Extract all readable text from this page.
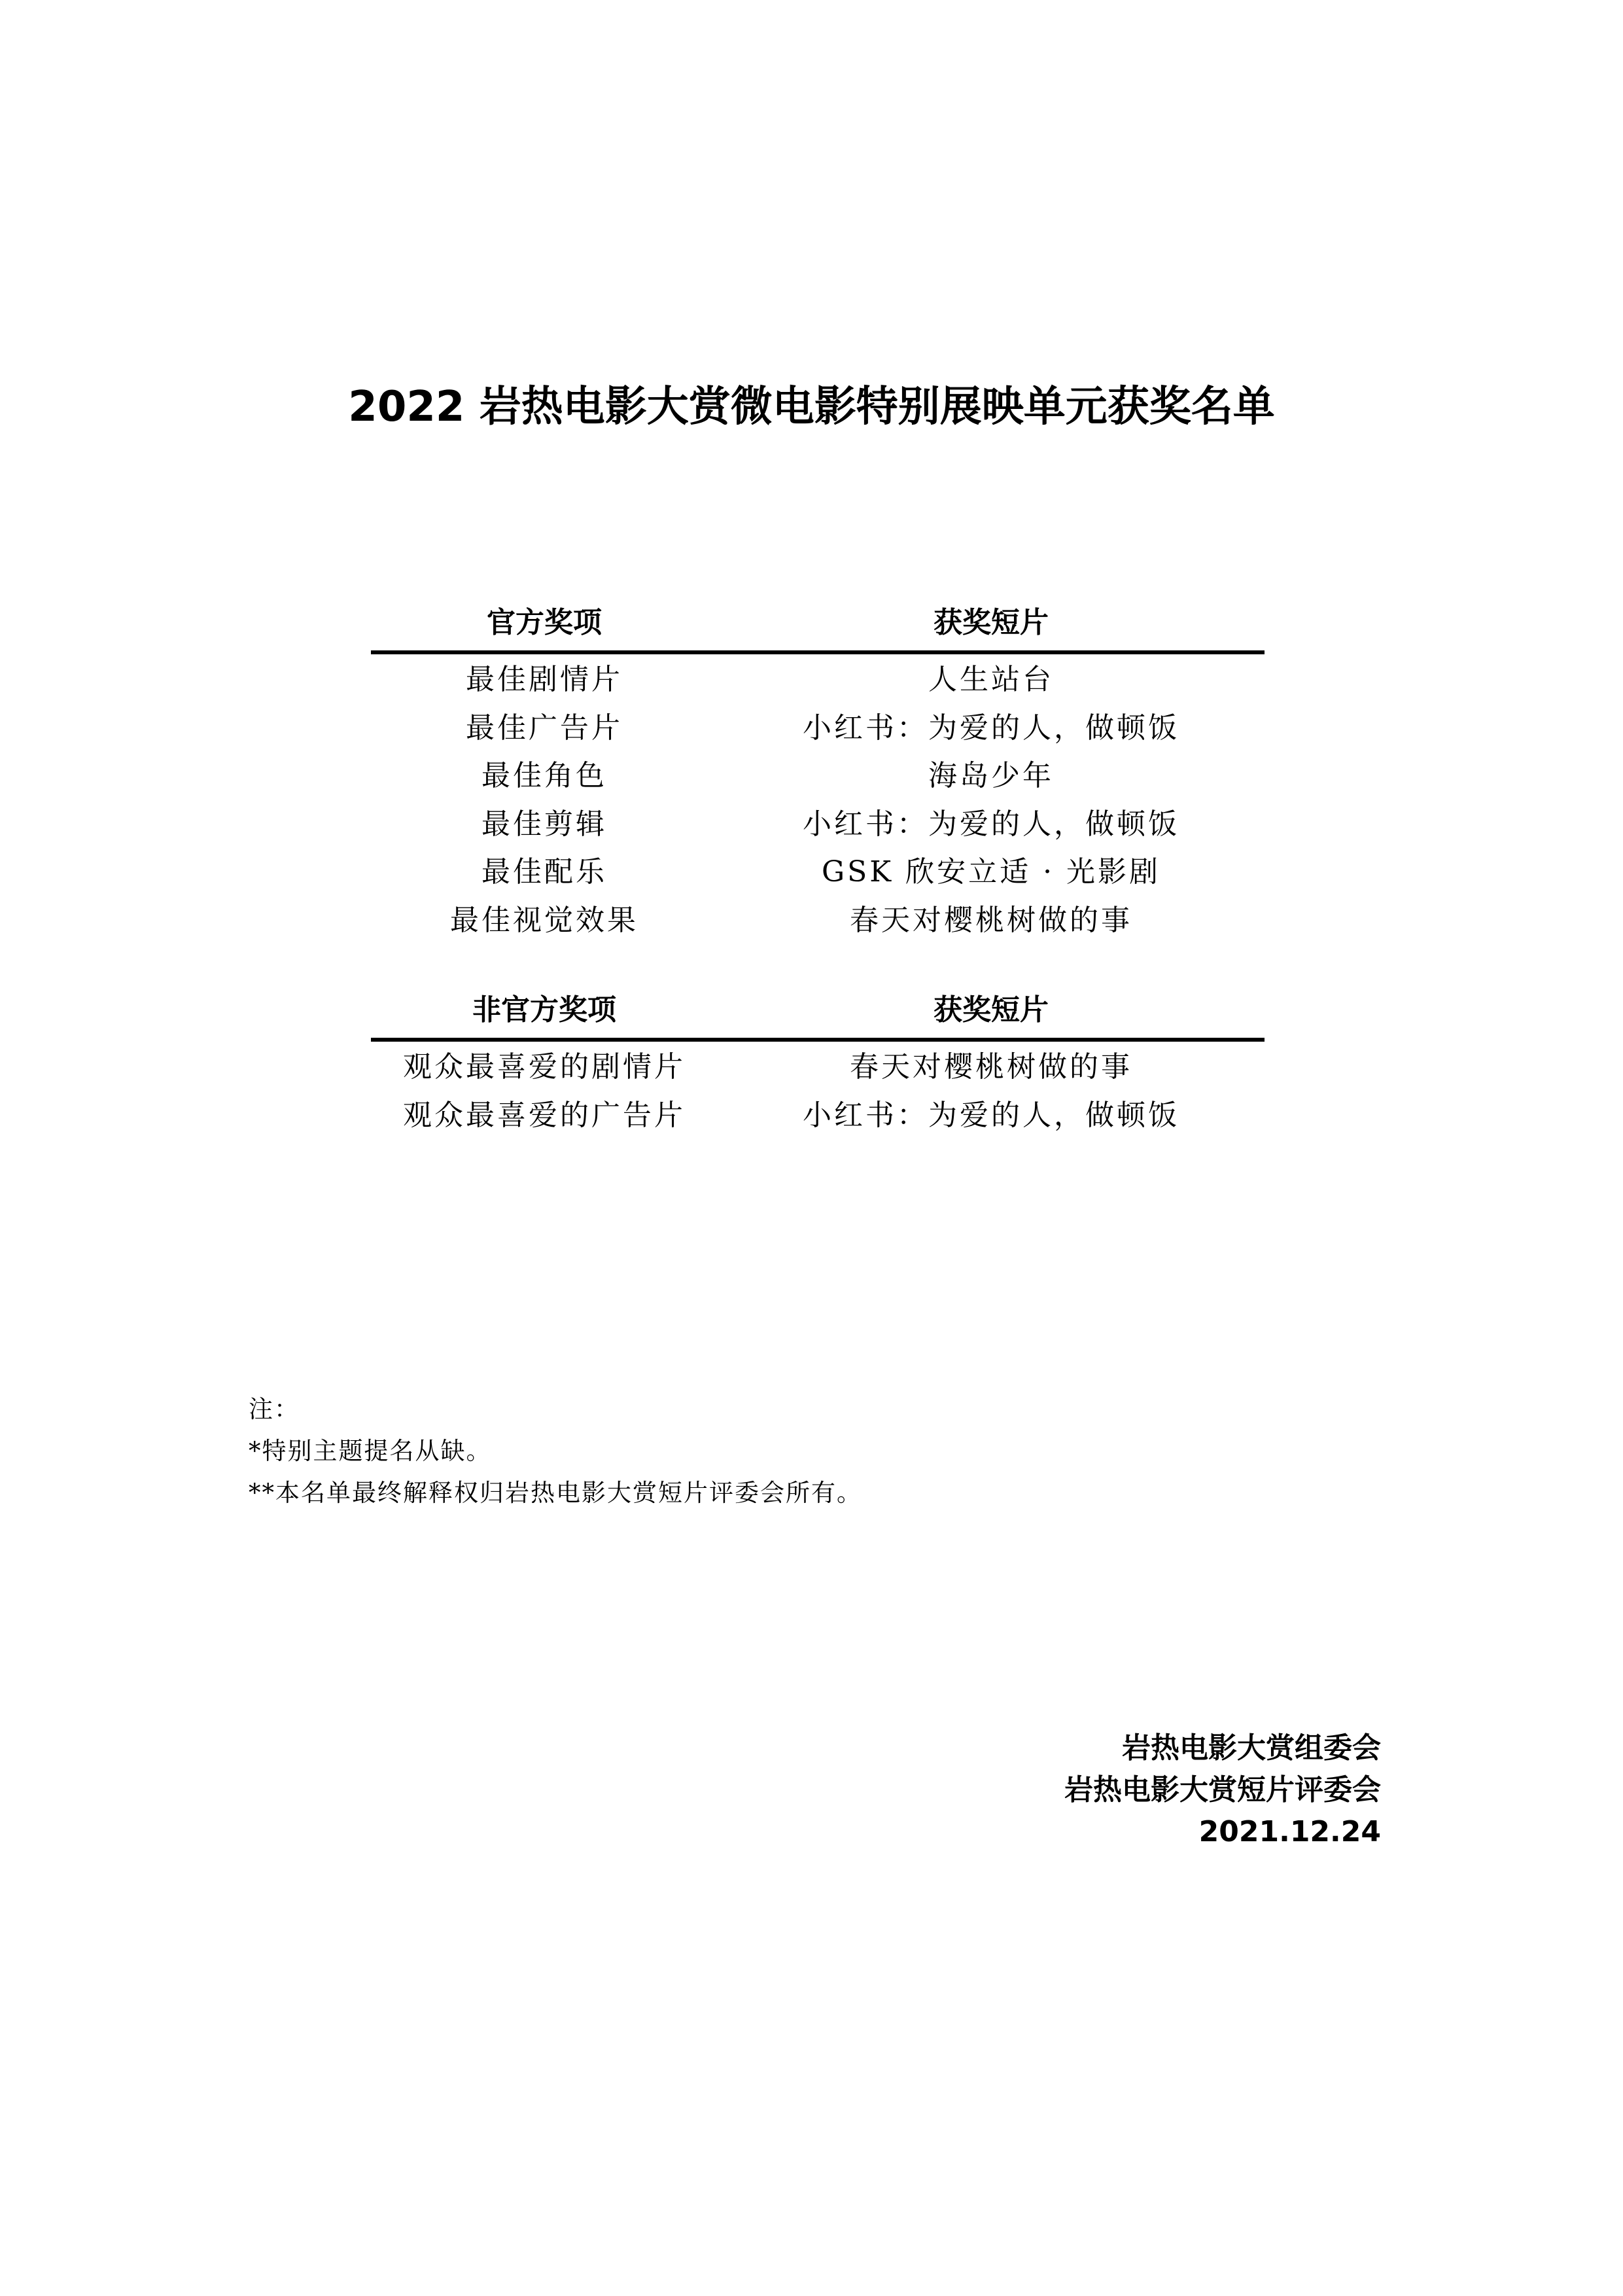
2022 岩热电影大赏微电影特别展映单元获奖名单
官方奖项	获奖短片
最佳剧情片	人生站台
最佳广告片	小红书：为爱的人，做顿饭
最佳角色	海岛少年
最佳剪辑	小红书：为爱的人，做顿饭
最佳配乐	GSK 欣安立适 · 光影剧
最佳视觉效果	春天对樱桃树做的事
非官方奖项	获奖短片
观众最喜爱的剧情片	春天对樱桃树做的事
观众最喜爱的广告片	小红书：为爱的人，做顿饭
注：
*特别主题提名从缺。
**本名单最终解释权归岩热电影大赏短片评委会所有。
岩热电影大赏组委会
岩热电影大赏短片评委会
2021.12.24
